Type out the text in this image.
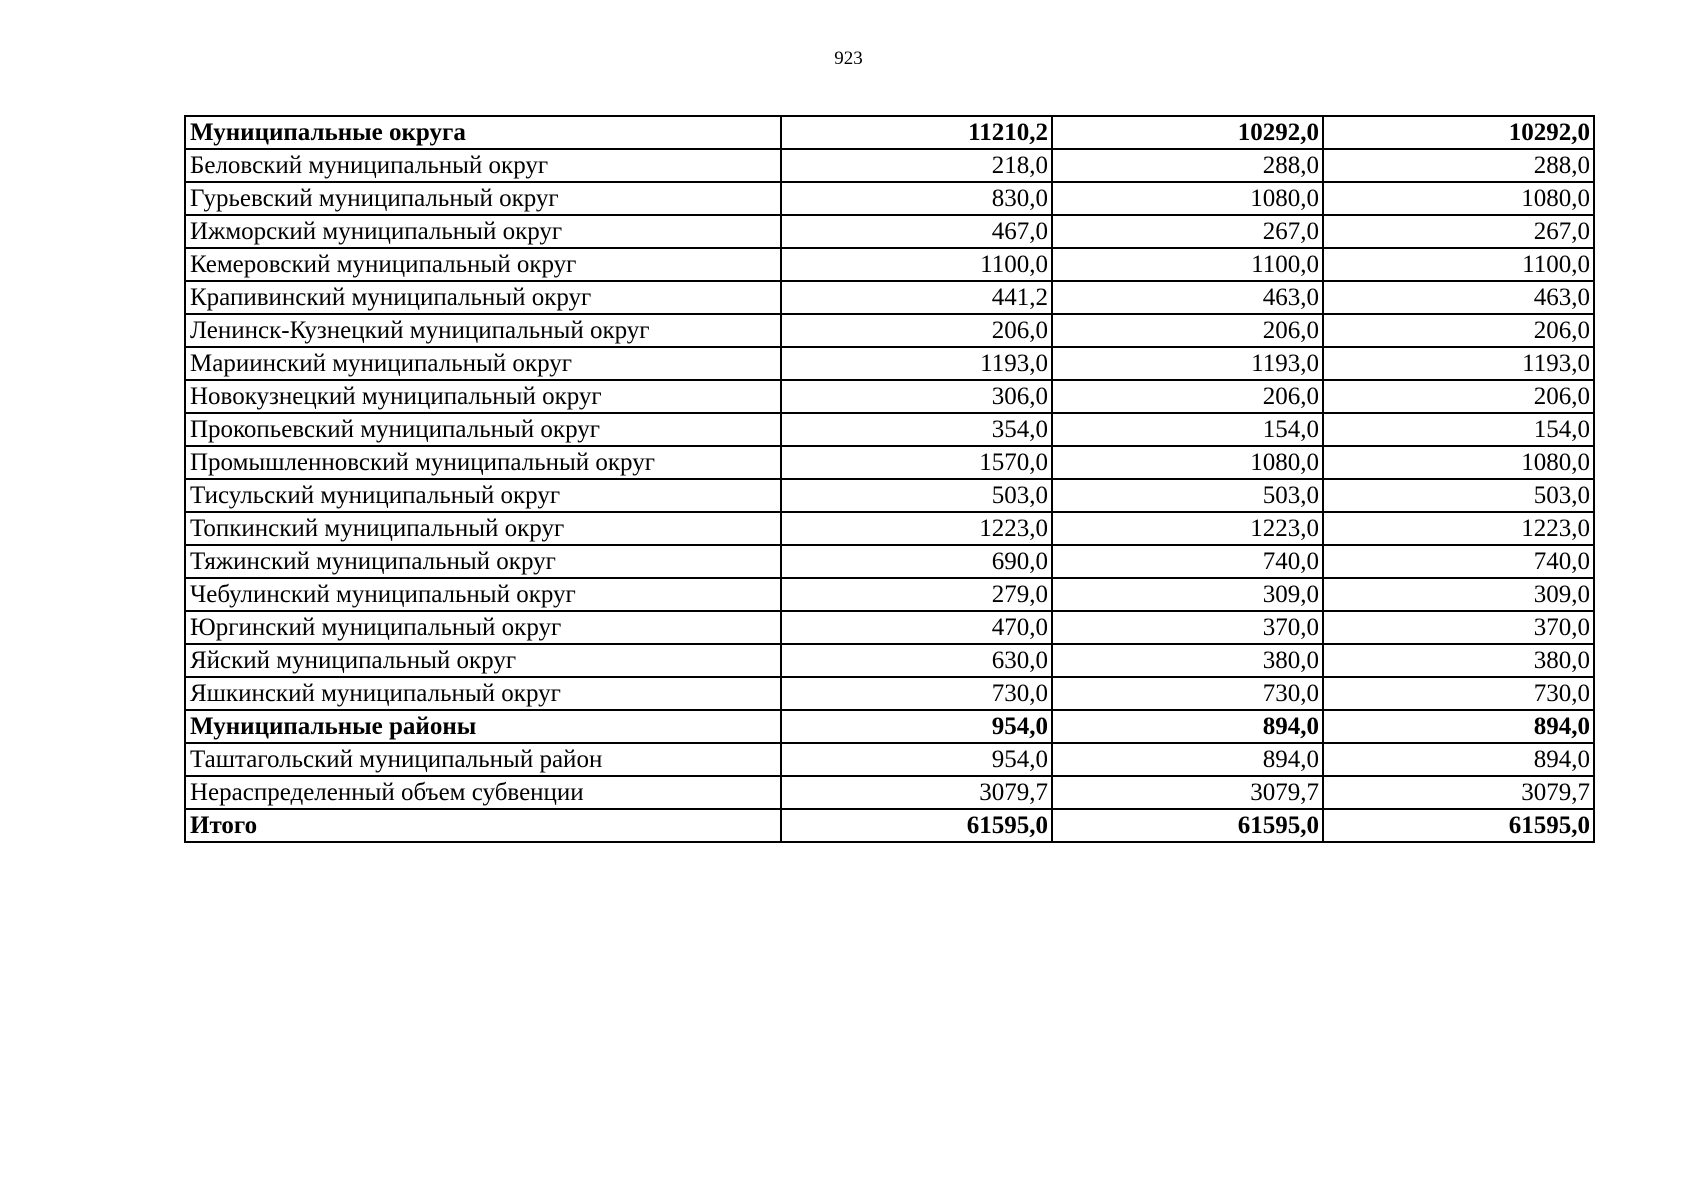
923
Муниципальные округа	11210,2	10292,0	10292,0
Беловский муниципальный округ	218,0	288,0	288,0
Гурьевский муниципальный округ	830,0	1080,0	1080,0
Ижморский муниципальный округ	467,0	267,0	267,0
Кемеровский муниципальный округ	1100,0	1100,0	1100,0
Крапивинский муниципальный округ	441,2	463,0	463,0
Ленинск-Кузнецкий муниципальный округ	206,0	206,0	206,0
Мариинский муниципальный округ	1193,0	1193,0	1193,0
Новокузнецкий муниципальный округ	306,0	206,0	206,0
Прокопьевский муниципальный округ	354,0	154,0	154,0
Промышленновский муниципальный округ	1570,0	1080,0	1080,0
Тисульский муниципальный округ	503,0	503,0	503,0
Топкинский муниципальный округ	1223,0	1223,0	1223,0
Тяжинский муниципальный округ	690,0	740,0	740,0
Чебулинский муниципальный округ	279,0	309,0	309,0
Юргинский муниципальный округ	470,0	370,0	370,0
Яйский муниципальный округ	630,0	380,0	380,0
Яшкинский муниципальный округ	730,0	730,0	730,0
Муниципальные районы	954,0	894,0	894,0
Таштагольский муниципальный район	954,0	894,0	894,0
Нераспределенный объем субвенции	3079,7	3079,7	3079,7
Итого	61595,0	61595,0	61595,0
